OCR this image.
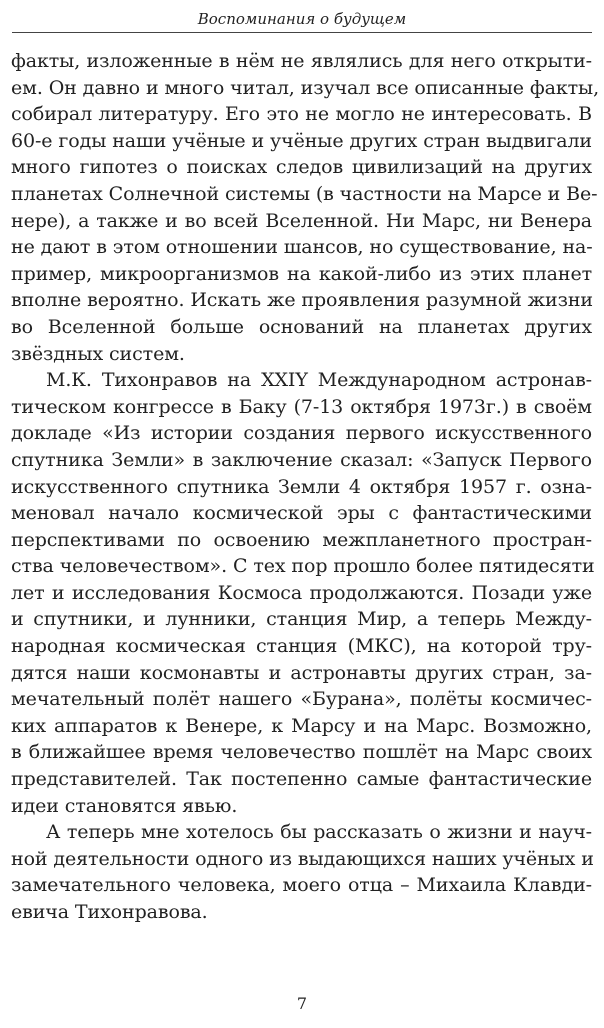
Воспоминания о будущем

факты, изложенные в нём не являлись для него открыти-
ем. Он давно и много читал, изучал все описанные факты,
собирал литературу. Его это не могло не интересовать. В
60-е годы наши учёные и учёные других стран выдвигали
много гипотез о поисках следов цивилизаций на других
планетах Солнечной системы (в частности на Марсе и Ве-
нере), а также и во всей Вселенной. Ни Марс, ни Венера
не дают в этом отношении шансов, но существование, на-
пример, микроорганизмов на какой-либо из этих планет
вполне вероятно. Искать же проявления разумной жизни
во Вселенной больше оснований на планетах других
звёздных систем.
М.К. Тихонравов на XXIY Международном астронав-
тическом конгрессе в Баку (7-13 октября 1973г.) в своём
докладе «Из истории создания первого искусственного
спутника Земли» в заключение сказал: «Запуск Первого
искусственного спутника Земли 4 октября 1957 г. озна-
меновал начало космической эры с фантастическими
перспективами по освоению межпланетного простран-
ства человечеством». С тех пор прошло более пятидесяти
лет и исследования Космоса продолжаются. Позади уже
и спутники, и лунники, станция Мир, а теперь Между-
народная космическая станция (МКС), на которой тру-
дятся наши космонавты и астронавты других стран, за-
мечательный полёт нашего «Бурана», полёты космичес-
ких аппаратов к Венере, к Марсу и на Марс. Возможно,
в ближайшее время человечество пошлёт на Марс своих
представителей. Так постепенно самые фантастические
идеи становятся явью.
А теперь мне хотелось бы рассказать о жизни и науч-
ной деятельности одного из выдающихся наших учёных и
замечательного человека, моего отца – Михаила Клавди-
евича Тихонравова.

7
